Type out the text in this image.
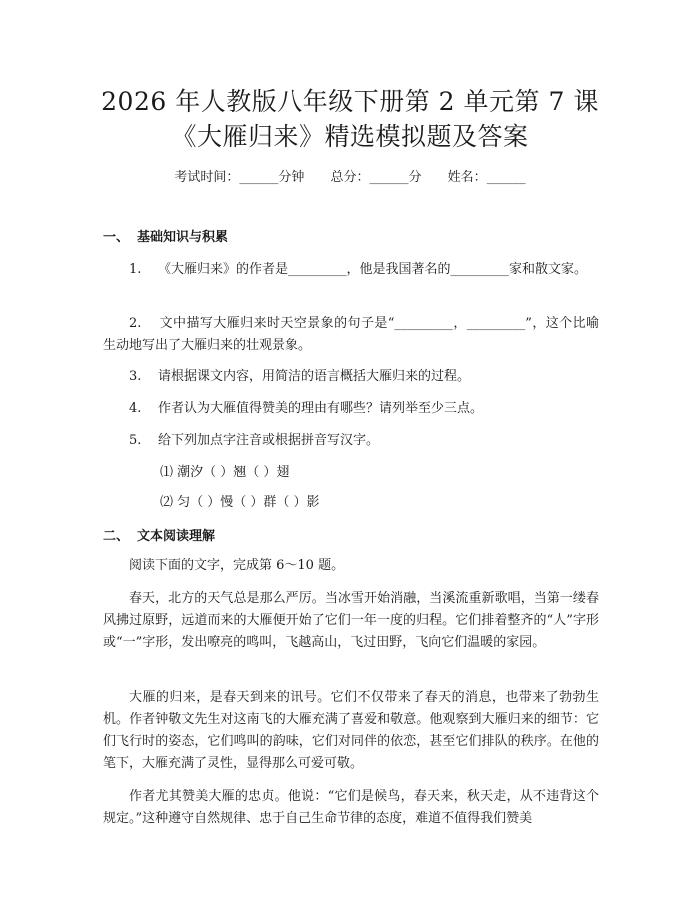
2026 年人教版八年级下册第 2 单元第 7 课
《大雁归来》精选模拟题及答案
考试时间：______分钟 总分：______分 姓名：______
一、 基础知识与积累
1. 《大雁归来》的作者是_________，他是我国著名的_________家和散文家。
2. 文中描写大雁归来时天空景象的句子是“_________，_________”，这个比喻生动地写出了大雁归来的壮观景象。
3. 请根据课文内容，用简洁的语言概括大雁归来的过程。
4. 作者认为大雁值得赞美的理由有哪些？请列举至少三点。
5. 给下列加点字注音或根据拼音写汉字。
⑴ 潮汐（ ）翘（ ）翅
⑵ 匀（ ）慢（ ）群（ ）影
二、 文本阅读理解
阅读下面的文字，完成第 6～10 题。
春天，北方的天气总是那么严厉。当冰雪开始消融，当溪流重新歌唱，当第一缕春风拂过原野，远道而来的大雁便开始了它们一年一度的归程。它们排着整齐的“人”字形或“一”字形，发出嘹亮的鸣叫，飞越高山，飞过田野，飞向它们温暖的家园。
大雁的归来，是春天到来的讯号。它们不仅带来了春天的消息，也带来了勃勃生机。作者钟敬文先生对这南飞的大雁充满了喜爱和敬意。他观察到大雁归来的细节：它们飞行时的姿态，它们鸣叫的韵味，它们对同伴的依恋，甚至它们排队的秩序。在他的笔下，大雁充满了灵性，显得那么可爱可敬。
作者尤其赞美大雁的忠贞。他说：“它们是候鸟，春天来，秋天走，从不违背这个规定。”这种遵守自然规律、忠于自己生命节律的态度，难道不值得我们赞美
